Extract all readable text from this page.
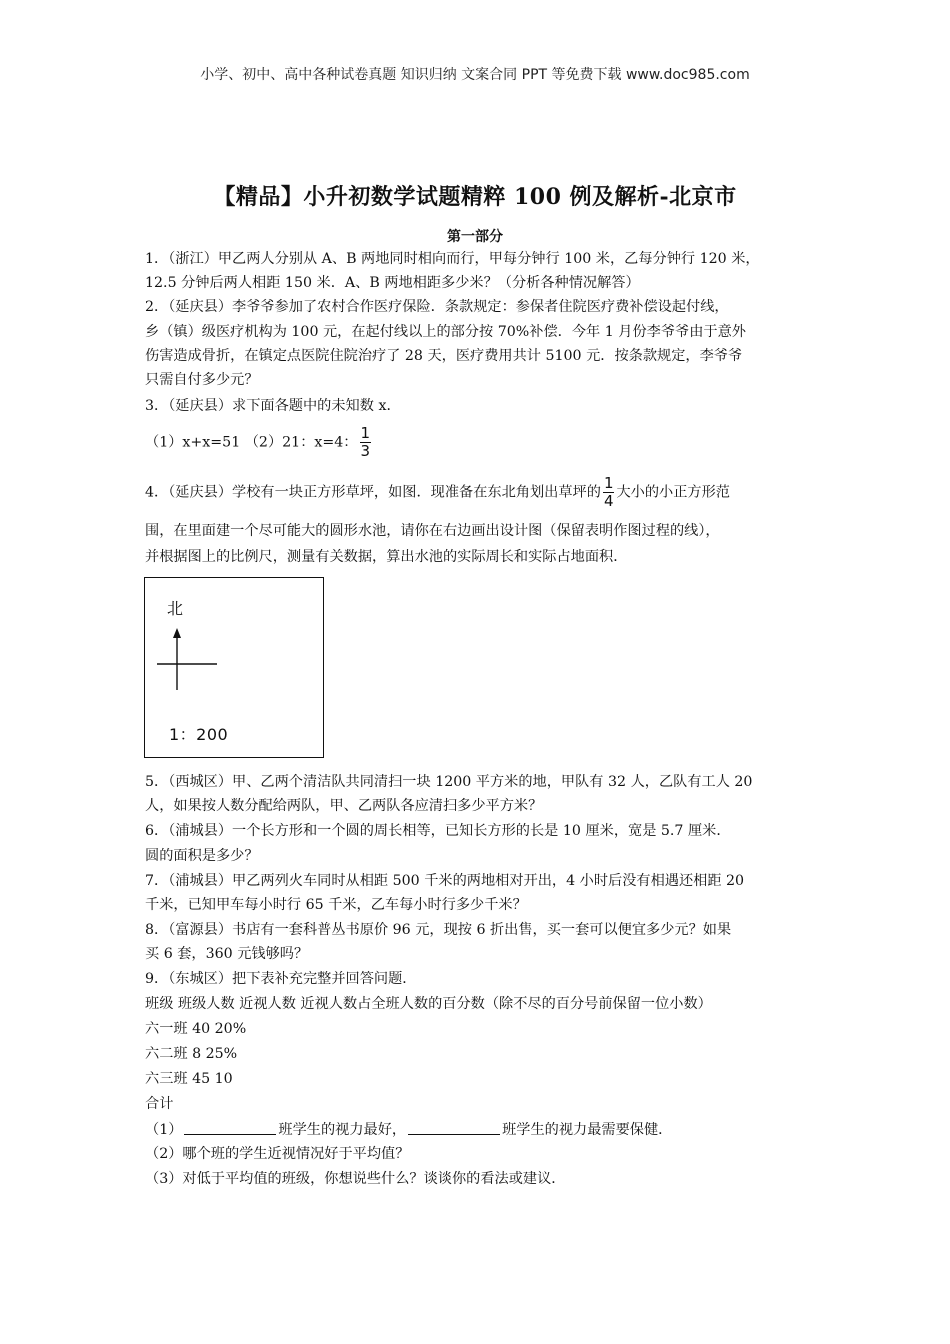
小学、初中、高中各种试卷真题 知识归纳 文案合同 PPT 等免费下载 www.doc985.com
【精品】小升初数学试题精粹 100 例及解析-北京市
第一部分
1．（浙江）甲乙两人分别从 A、B 两地同时相向而行，甲每分钟行 100 米，乙每分钟行 120 米，
12.5 分钟后两人相距 150 米．A、B 两地相距多少米？（分析各种情况解答）
2．（延庆县）李爷爷参加了农村合作医疗保险．条款规定：参保者住院医疗费补偿设起付线，
乡（镇）级医疗机构为 100 元，在起付线以上的部分按 70%补偿．今年 1 月份李爷爷由于意外
伤害造成骨折，在镇定点医院住院治疗了 28 天，医疗费用共计 5100 元．按条款规定，李爷爷
只需自付多少元？
3．（延庆县）求下面各题中的未知数 x．
（1）x+x=51 （2）21：x=4： $\frac{1}{3}$
4．（延庆县）学校有一块正方形草坪，如图．现准备在东北角划出草坪的 $\frac{1}{4}$ 大小的小正方形范
围，在里面建一个尽可能大的圆形水池，请你在右边画出设计图（保留表明作图过程的线），
并根据图上的比例尺，测量有关数据，算出水池的实际周长和实际占地面积．
北
1：200
5．（西城区）甲、乙两个清洁队共同清扫一块 1200 平方米的地，甲队有 32 人，乙队有工人 20
人，如果按人数分配给两队，甲、乙两队各应清扫多少平方米？
6．（浦城县）一个长方形和一个圆的周长相等，已知长方形的长是 10 厘米，宽是 5.7 厘米．
圆的面积是多少？
7．（浦城县）甲乙两列火车同时从相距 500 千米的两地相对开出，4 小时后没有相遇还相距 20
千米，已知甲车每小时行 65 千米，乙车每小时行多少千米？
8．（富源县）书店有一套科普丛书原价 96 元，现按 6 折出售，买一套可以便宜多少元？如果
买 6 套，360 元钱够吗？
9．（东城区）把下表补充完整并回答问题．
班级 班级人数 近视人数 近视人数占全班人数的百分数（除不尽的百分号前保留一位小数）
六一班 40 20%
六二班 8 25%
六三班 45 10
合计
（1）	班学生的视力最好，	班学生的视力最需要保健．
（2）哪个班的学生近视情况好于平均值？
（3）对低于平均值的班级，你想说些什么？谈谈你的看法或建议．
